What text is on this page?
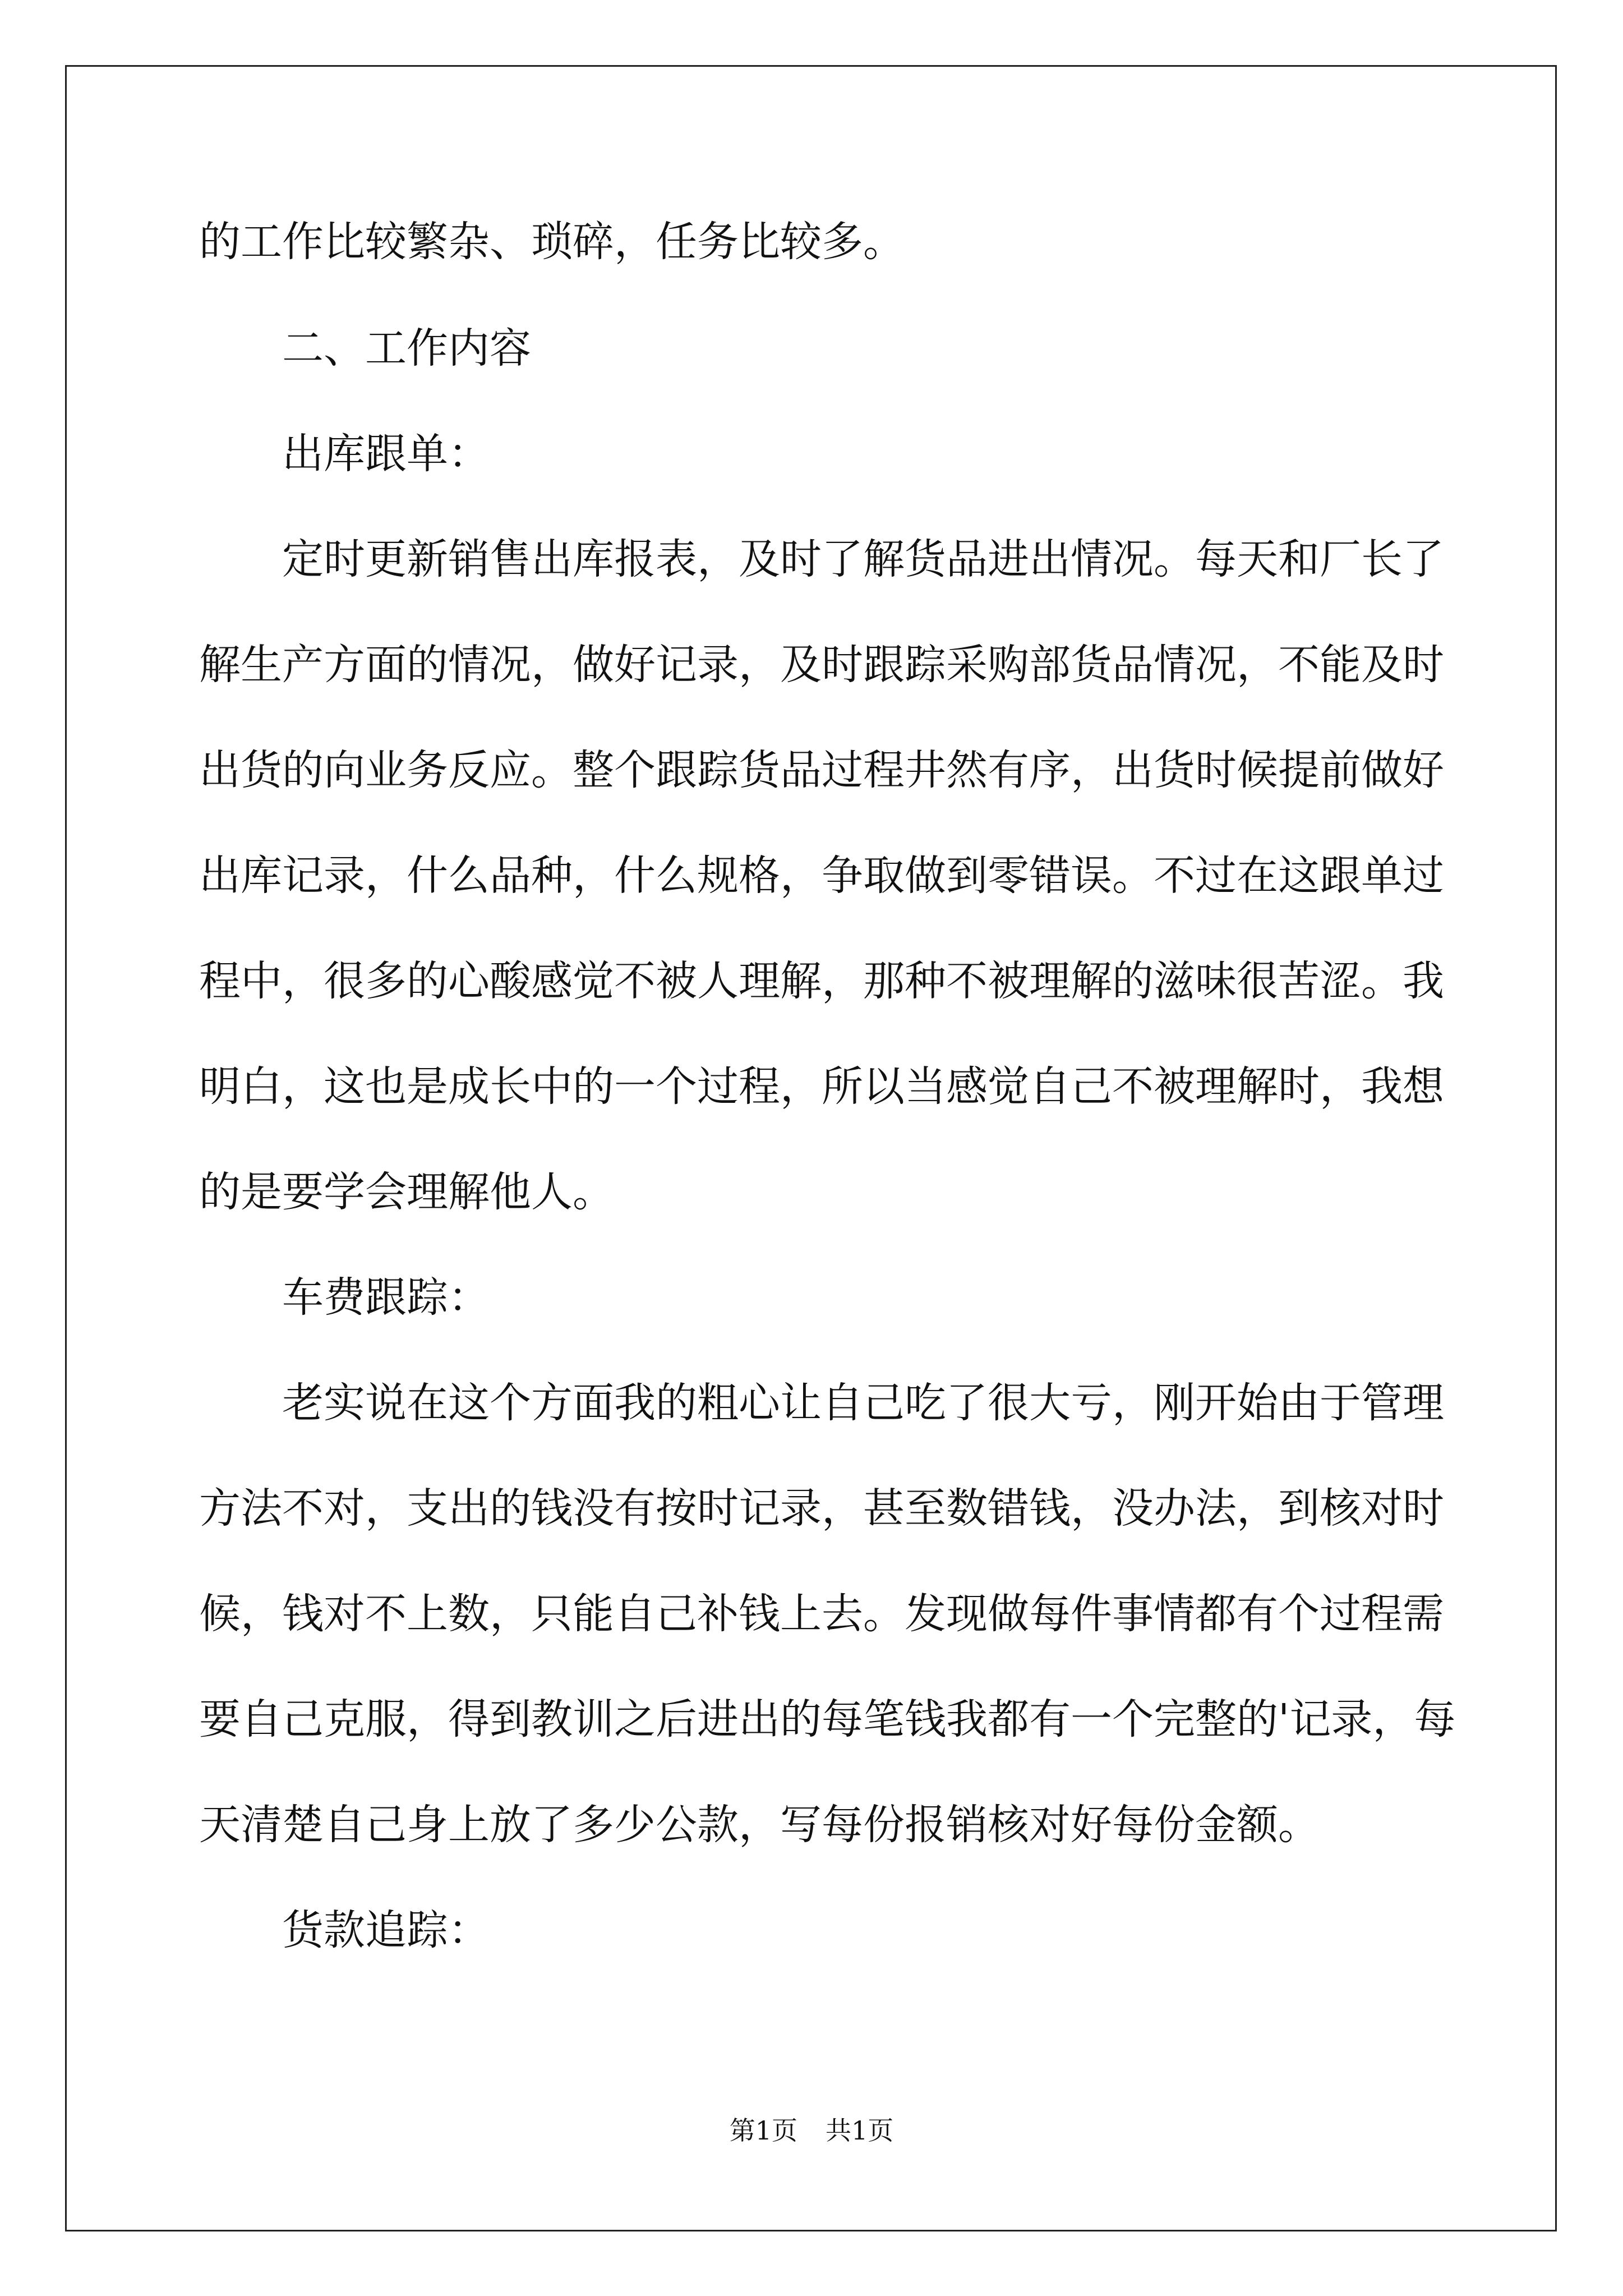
的工作比较繁杂、琐碎，任务比较多。
二、工作内容
出库跟单：
定时更新销售出库报表，及时了解货品进出情况。每天和厂长了
解生产方面的情况，做好记录，及时跟踪采购部货品情况，不能及时
出货的向业务反应。整个跟踪货品过程井然有序，出货时候提前做好
出库记录，什么品种，什么规格，争取做到零错误。不过在这跟单过
程中，很多的心酸感觉不被人理解，那种不被理解的滋味很苦涩。我
明白，这也是成长中的一个过程，所以当感觉自己不被理解时，我想
的是要学会理解他人。
车费跟踪：
老实说在这个方面我的粗心让自己吃了很大亏，刚开始由于管理
方法不对，支出的钱没有按时记录，甚至数错钱，没办法，到核对时
候，钱对不上数，只能自己补钱上去。发现做每件事情都有个过程需
要自己克服，得到教训之后进出的每笔钱我都有一个完整的'记录，每
天清楚自己身上放了多少公款，写每份报销核对好每份金额。
货款追踪：
第1页 共1页
